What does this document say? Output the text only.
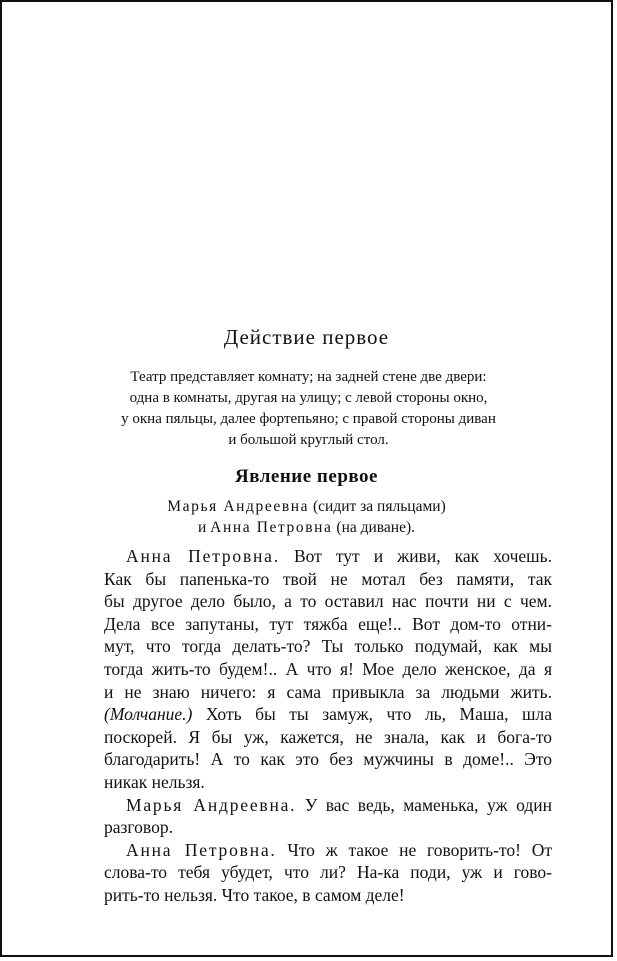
Действие первое
Театр представляет комнату; на задней стене две двери:
одна в комнаты, другая на улицу; с левой стороны окно,
у окна пяльцы, далее фортепьяно; с правой стороны диван
и большой круглый стол.
Явление первое
Марья Андреевна (сидит за пяльцами)
и Анна Петровна (на диване).
Анна Петровна. Вот тут и живи, как хочешь.
Как бы папенька-то твой не мотал без памяти, так
бы другое дело было, а то оставил нас почти ни с чем.
Дела все запутаны, тут тяжба еще!.. Вот дом-то отни-
мут, что тогда делать-то? Ты только подумай, как мы
тогда жить-то будем!.. А что я! Мое дело женское, да я
и не знаю ничего: я сама привыкла за людьми жить.
(Молчание.) Хоть бы ты замуж, что ль, Маша, шла
поскорей. Я бы уж, кажется, не знала, как и бога-то
благодарить! А то как это без мужчины в доме!.. Это
никак нельзя.
Марья Андреевна. У вас ведь, маменька, уж один
разговор.
Анна Петровна. Что ж такое не говорить-то! От
слова-то тебя убудет, что ли? На-ка поди, уж и гово-
рить-то нельзя. Что такое, в самом деле!
